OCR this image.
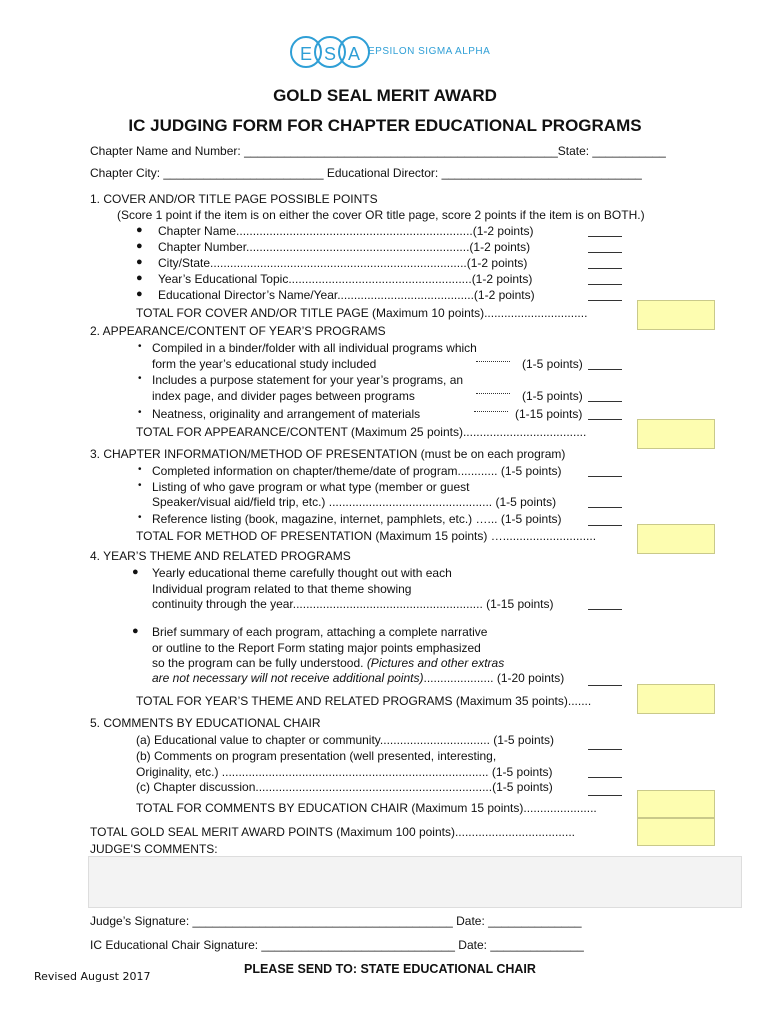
E S A EPSILON SIGMA ALPHA
GOLD SEAL MERIT AWARD
IC JUDGING FORM FOR CHAPTER EDUCATIONAL PROGRAMS
Chapter Name and Number: _______________________________________________State: ___________
Chapter City: ________________________ Educational Director: ______________________________
1. COVER AND/OR TITLE PAGE POSSIBLE POINTS
(Score 1 point if the item is on either the cover OR title page, score 2 points if the item is on BOTH.)
● Chapter Name.......................................................................(1-2 points)
● Chapter Number...................................................................(1-2 points)
● City/State.............................................................................(1-2 points)
● Year’s Educational Topic.......................................................(1-2 points)
● Educational Director’s Name/Year.........................................(1-2 points)
TOTAL FOR COVER AND/OR TITLE PAGE (Maximum 10 points)...............................
2. APPEARANCE/CONTENT OF YEAR’S PROGRAMS
• Compiled in a binder/folder with all individual programs which
form the year’s educational study included	(1-5 points)
• Includes a purpose statement for your year’s programs, an
index page, and divider pages between programs	(1-5 points)
• Neatness, originality and arrangement of materials	(1-15 points)
TOTAL FOR APPEARANCE/CONTENT (Maximum 25 points).....................................
3. CHAPTER INFORMATION/METHOD OF PRESENTATION (must be on each program)
• Completed information on chapter/theme/date of program............ (1-5 points)
• Listing of who gave program or what type (member or guest
Speaker/visual aid/field trip, etc.) ................................................. (1-5 points)
• Reference listing (book, magazine, internet, pamphlets, etc.) …... (1-5 points)
TOTAL FOR METHOD OF PRESENTATION (Maximum 15 points) …............................
4. YEAR’S THEME AND RELATED PROGRAMS
● Yearly educational theme carefully thought out with each
Individual program related to that theme showing
continuity through the year......................................................... (1-15 points)
● Brief summary of each program, attaching a complete narrative
or outline to the Report Form stating major points emphasized
so the program can be fully understood. (Pictures and other extras
are not necessary will not receive additional points)..................... (1-20 points)
TOTAL FOR YEAR’S THEME AND RELATED PROGRAMS (Maximum 35 points).......
5. COMMENTS BY EDUCATIONAL CHAIR
(a) Educational value to chapter or community................................. (1-5 points)
(b) Comments on program presentation (well presented, interesting,
Originality, etc.) ................................................................................ (1-5 points)
(c) Chapter discussion.......................................................................(1-5 points)
TOTAL FOR COMMENTS BY EDUCATION CHAIR (Maximum 15 points)......................
TOTAL GOLD SEAL MERIT AWARD POINTS (Maximum 100 points)....................................
JUDGE'S COMMENTS:
Judge’s Signature: _______________________________________ Date: ______________
IC Educational Chair Signature: _____________________________ Date: ______________
Revised August 2017
PLEASE SEND TO: STATE EDUCATIONAL CHAIR
